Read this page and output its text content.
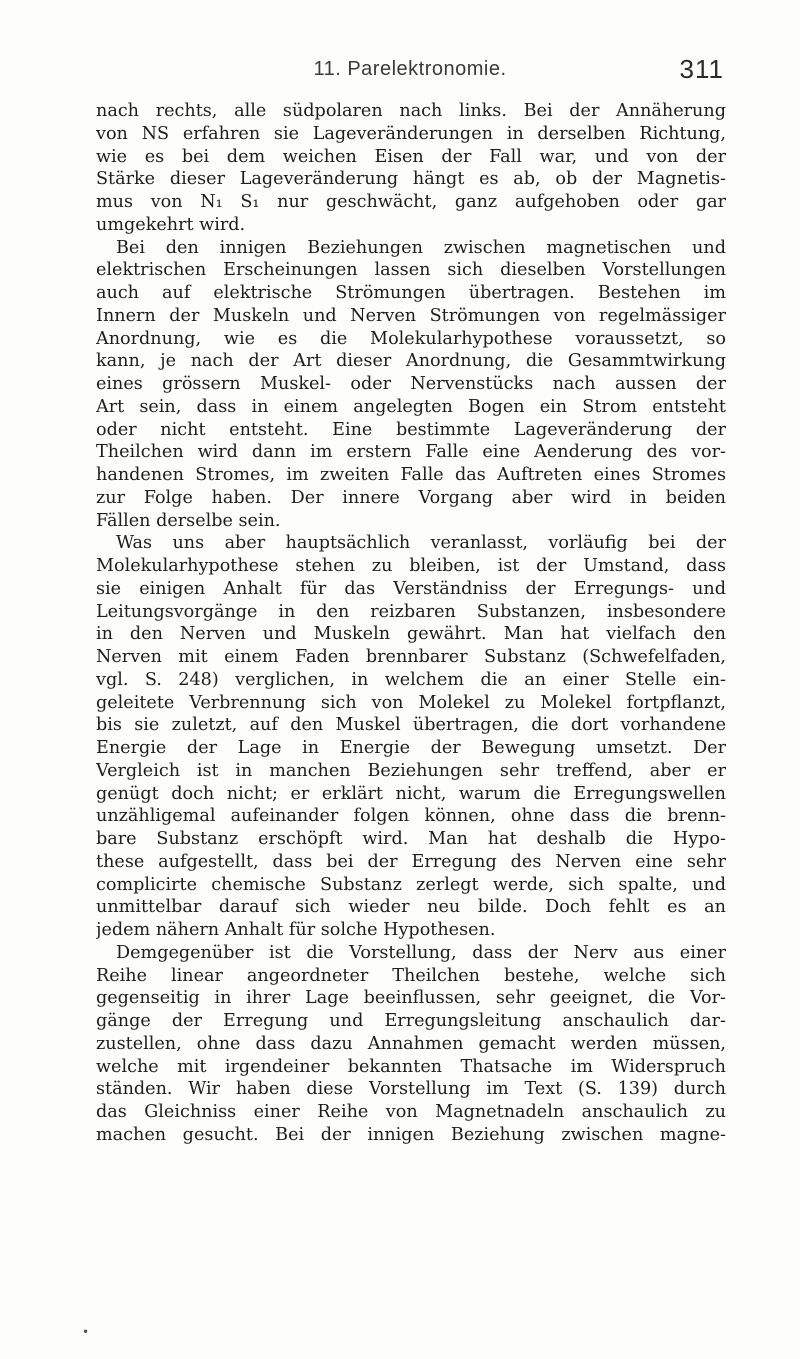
11. Parelektronomie.	311
nach rechts, alle südpolaren nach links. Bei der Annäherung
von NS erfahren sie Lageveränderungen in derselben Richtung,
wie es bei dem weichen Eisen der Fall war, und von der
Stärke dieser Lageveränderung hängt es ab, ob der Magnetis-
mus von N₁ S₁ nur geschwächt, ganz aufgehoben oder gar
umgekehrt wird.
Bei den innigen Beziehungen zwischen magnetischen und
elektrischen Erscheinungen lassen sich dieselben Vorstellungen
auch auf elektrische Strömungen übertragen. Bestehen im
Innern der Muskeln und Nerven Strömungen von regelmässiger
Anordnung, wie es die Molekularhypothese voraussetzt, so
kann, je nach der Art dieser Anordnung, die Gesammtwirkung
eines grössern Muskel- oder Nervenstücks nach aussen der
Art sein, dass in einem angelegten Bogen ein Strom entsteht
oder nicht entsteht. Eine bestimmte Lageveränderung der
Theilchen wird dann im erstern Falle eine Aenderung des vor-
handenen Stromes, im zweiten Falle das Auftreten eines Stromes
zur Folge haben. Der innere Vorgang aber wird in beiden
Fällen derselbe sein.
Was uns aber hauptsächlich veranlasst, vorläufig bei der
Molekularhypothese stehen zu bleiben, ist der Umstand, dass
sie einigen Anhalt für das Verständniss der Erregungs- und
Leitungsvorgänge in den reizbaren Substanzen, insbesondere
in den Nerven und Muskeln gewährt. Man hat vielfach den
Nerven mit einem Faden brennbarer Substanz (Schwefelfaden,
vgl. S. 248) verglichen, in welchem die an einer Stelle ein-
geleitete Verbrennung sich von Molekel zu Molekel fortpflanzt,
bis sie zuletzt, auf den Muskel übertragen, die dort vorhandene
Energie der Lage in Energie der Bewegung umsetzt. Der
Vergleich ist in manchen Beziehungen sehr treffend, aber er
genügt doch nicht; er erklärt nicht, warum die Erregungswellen
unzähligemal aufeinander folgen können, ohne dass die brenn-
bare Substanz erschöpft wird. Man hat deshalb die Hypo-
these aufgestellt, dass bei der Erregung des Nerven eine sehr
complicirte chemische Substanz zerlegt werde, sich spalte, und
unmittelbar darauf sich wieder neu bilde. Doch fehlt es an
jedem nähern Anhalt für solche Hypothesen.
Demgegenüber ist die Vorstellung, dass der Nerv aus einer
Reihe linear angeordneter Theilchen bestehe, welche sich
gegenseitig in ihrer Lage beeinflussen, sehr geeignet, die Vor-
gänge der Erregung und Erregungsleitung anschaulich dar-
zustellen, ohne dass dazu Annahmen gemacht werden müssen,
welche mit irgendeiner bekannten Thatsache im Widerspruch
ständen. Wir haben diese Vorstellung im Text (S. 139) durch
das Gleichniss einer Reihe von Magnetnadeln anschaulich zu
machen gesucht. Bei der innigen Beziehung zwischen magne-
•
